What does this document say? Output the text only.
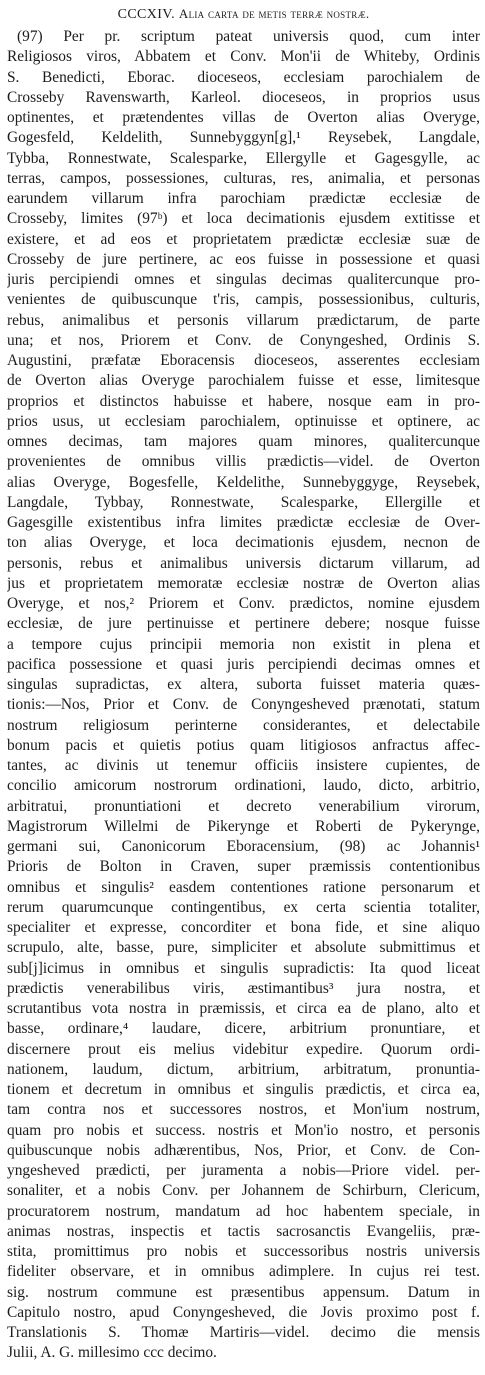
CCCXIV. Alia carta de metis terræ nostræ.
(97) Per pr. scriptum pateat universis quod, cum inter
Religiosos viros, Abbatem et Conv. Mon'ii de Whiteby, Ordinis
S. Benedicti, Eborac. dioceseos, ecclesiam parochialem de
Crosseby Ravenswarth, Karleol. dioceseos, in proprios usus
optinentes, et prætendentes villas de Overton alias Overyge,
Gogesfeld, Keldelith, Sunnebyggyn[g],¹ Reysebek, Langdale,
Tybba, Ronnestwate, Scalesparke, Ellergylle et Gagesgylle, ac
terras, campos, possessiones, culturas, res, animalia, et personas
earundem villarum infra parochiam prædictæ ecclesiæ de
Crosseby, limites (97ᵇ) et loca decimationis ejusdem extitisse et
existere, et ad eos et proprietatem prædictæ ecclesiæ suæ de
Crosseby de jure pertinere, ac eos fuisse in possessione et quasi
juris percipiendi omnes et singulas decimas qualitercunque pro-
venientes de quibuscunque t'ris, campis, possessionibus, culturis,
rebus, animalibus et personis villarum prædictarum, de parte
una; et nos, Priorem et Conv. de Conyngeshed, Ordinis S.
Augustini, præfatæ Eboracensis dioceseos, asserentes ecclesiam
de Overton alias Overyge parochialem fuisse et esse, limitesque
proprios et distinctos habuisse et habere, nosque eam in pro-
prios usus, ut ecclesiam parochialem, optinuisse et optinere, ac
omnes decimas, tam majores quam minores, qualitercunque
provenientes de omnibus villis prædictis—videl. de Overton
alias Overyge, Bogesfelle, Keldelithe, Sunnebyggyge, Reysebek,
Langdale, Tybbay, Ronnestwate, Scalesparke, Ellergille et
Gagesgille existentibus infra limites prædictæ ecclesiæ de Over-
ton alias Overyge, et loca decimationis ejusdem, necnon de
personis, rebus et animalibus universis dictarum villarum, ad
jus et proprietatem memoratæ ecclesiæ nostræ de Overton alias
Overyge, et nos,² Priorem et Conv. prædictos, nomine ejusdem
ecclesiæ, de jure pertinuisse et pertinere debere; nosque fuisse
a tempore cujus principii memoria non existit in plena et
pacifica possessione et quasi juris percipiendi decimas omnes et
singulas supradictas, ex altera, suborta fuisset materia quæs-
tionis:—Nos, Prior et Conv. de Conyngesheved prænotati, statum
nostrum religiosum perinterne considerantes, et delectabile
bonum pacis et quietis potius quam litigiosos anfractus affec-
tantes, ac divinis ut tenemur officiis insistere cupientes, de
concilio amicorum nostrorum ordinationi, laudo, dicto, arbitrio,
arbitratui, pronuntiationi et decreto venerabilium virorum,
Magistrorum Willelmi de Pikerynge et Roberti de Pykerynge,
germani sui, Canonicorum Eboracensium, (98) ac Johannis¹
Prioris de Bolton in Craven, super præmissis contentionibus
omnibus et singulis² easdem contentiones ratione personarum et
rerum quarumcunque contingentibus, ex certa scientia totaliter,
specialiter et expresse, concorditer et bona fide, et sine aliquo
scrupulo, alte, basse, pure, simpliciter et absolute submittimus et
sub[j]icimus in omnibus et singulis supradictis: Ita quod liceat
prædictis venerabilibus viris, æstimantibus³ jura nostra, et
scrutantibus vota nostra in præmissis, et circa ea de plano, alto et
basse, ordinare,⁴ laudare, dicere, arbitrium pronuntiare, et
discernere prout eis melius videbitur expedire. Quorum ordi-
nationem, laudum, dictum, arbitrium, arbitratum, pronuntia-
tionem et decretum in omnibus et singulis prædictis, et circa ea,
tam contra nos et successores nostros, et Mon'ium nostrum,
quam pro nobis et success. nostris et Mon'io nostro, et personis
quibuscunque nobis adhærentibus, Nos, Prior, et Conv. de Con-
yngesheved prædicti, per juramenta a nobis—Priore videl. per-
sonaliter, et a nobis Conv. per Johannem de Schirburn, Clericum,
procuratorem nostrum, mandatum ad hoc habentem speciale, in
animas nostras, inspectis et tactis sacrosanctis Evangeliis, præ-
stita, promittimus pro nobis et successoribus nostris universis
fideliter observare, et in omnibus adimplere. In cujus rei test.
sig. nostrum commune est præsentibus appensum. Datum in
Capitulo nostro, apud Conyngesheved, die Jovis proximo post f.
Translationis S. Thomæ Martiris—videl. decimo die mensis
Julii, A. G. millesimo ccc decimo.
